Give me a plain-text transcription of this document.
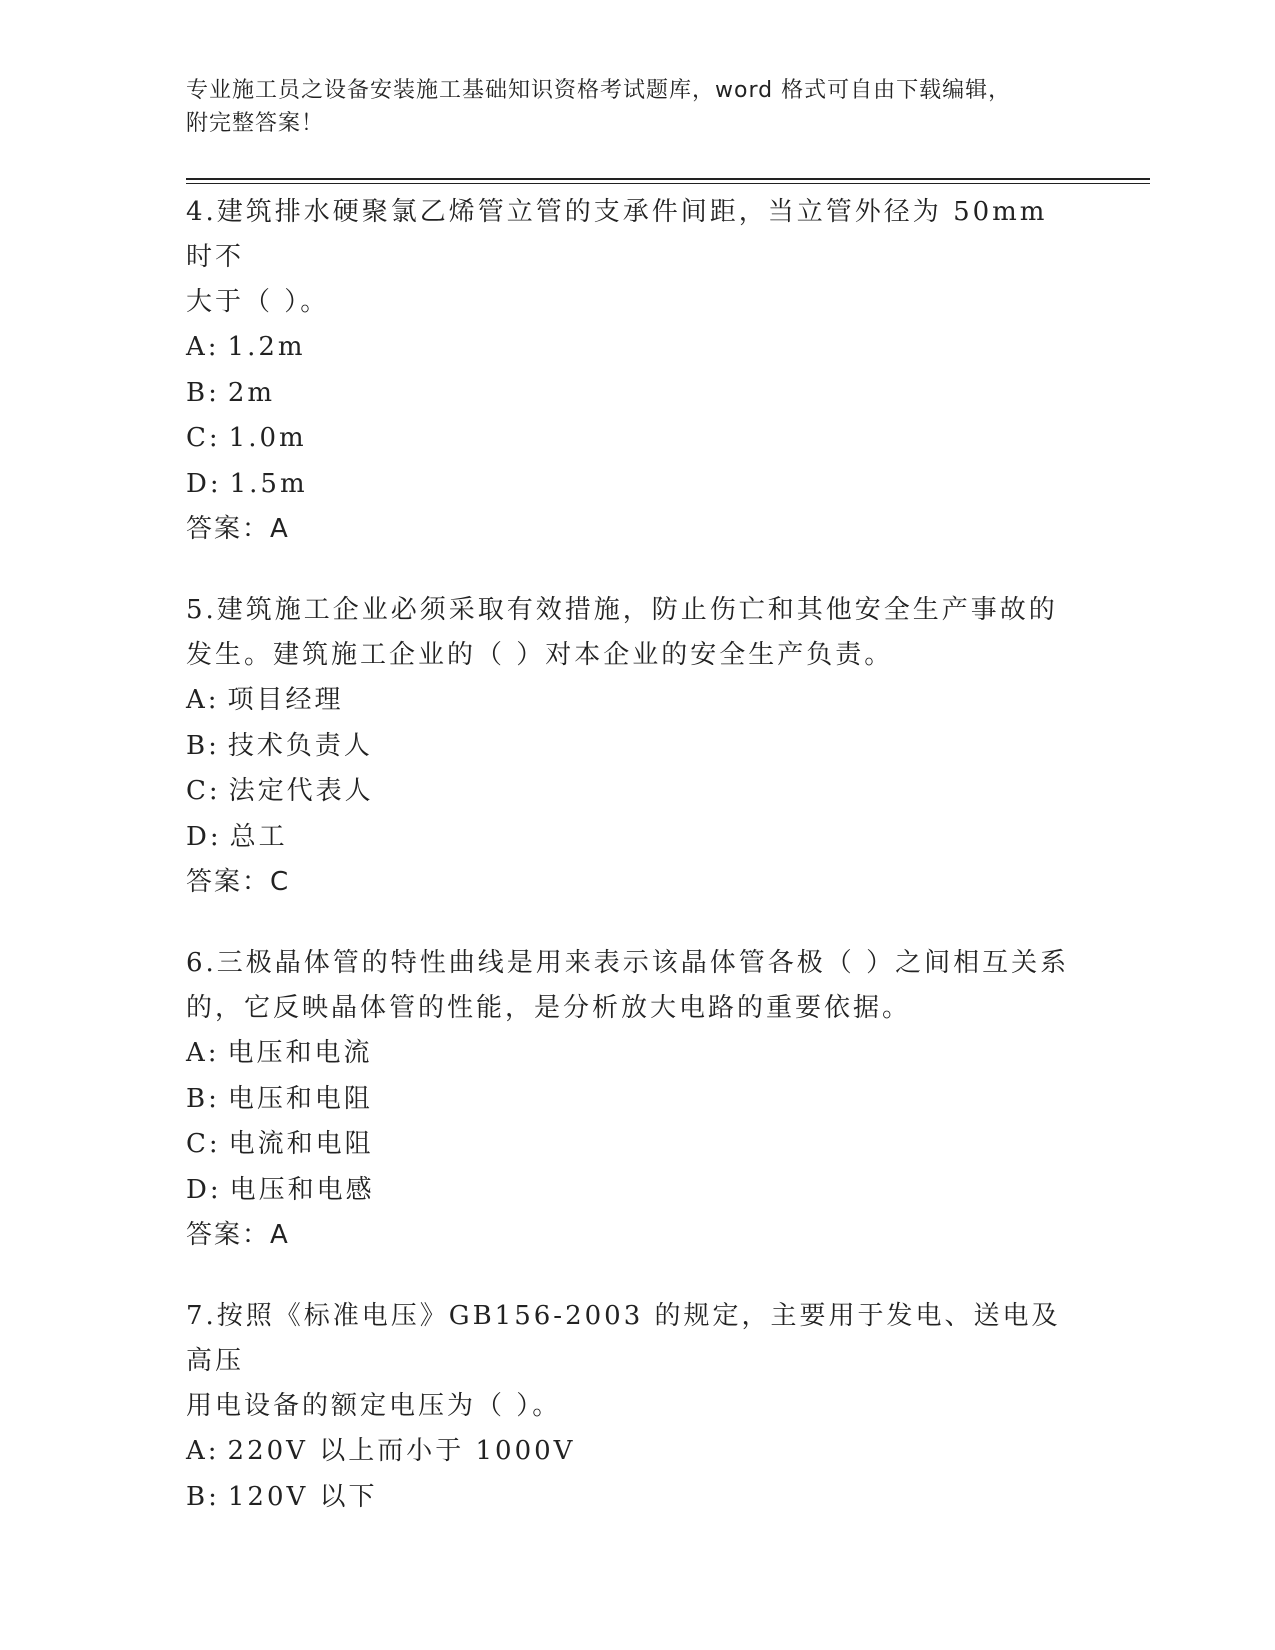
专业施工员之设备安装施工基础知识资格考试题库，word 格式可自由下载编辑，
附完整答案！

4.建筑排水硬聚氯乙烯管立管的支承件间距，当立管外径为 50mm 时不

大于（ ）。

A: 1.2m

B: 2m

C: 1.0m

D: 1.5m

答案：A

5.建筑施工企业必须采取有效措施，防止伤亡和其他安全生产事故的

发生。建筑施工企业的（ ）对本企业的安全生产负责。

A: 项目经理

B: 技术负责人

C: 法定代表人

D: 总工

答案：C

6.三极晶体管的特性曲线是用来表示该晶体管各极（ ）之间相互关系

的，它反映晶体管的性能，是分析放大电路的重要依据。

A: 电压和电流

B: 电压和电阻

C: 电流和电阻

D: 电压和电感

答案：A

7.按照《标准电压》GB156-2003 的规定，主要用于发电、送电及高压

用电设备的额定电压为（ ）。

A: 220V 以上而小于 1000V

B: 120V 以下
